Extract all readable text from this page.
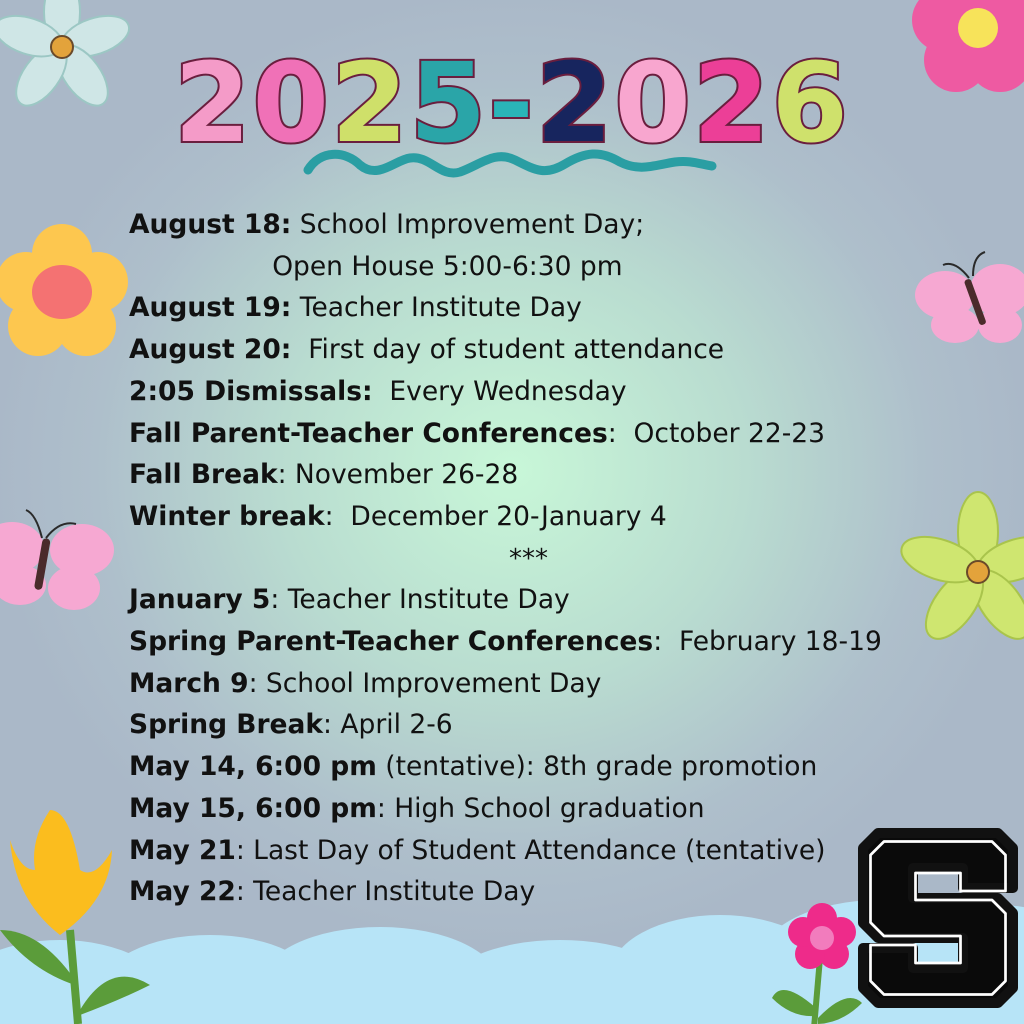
2025-2026
August 18: School Improvement Day;
Open House 5:00-6:30 pm
August 19: Teacher Institute Day
August 20:  First day of student attendance
2:05 Dismissals:  Every Wednesday
Fall Parent-Teacher Conferences:  October 22-23
Fall Break: November 26-28
Winter break:  December 20-January 4
***
January 5: Teacher Institute Day
Spring Parent-Teacher Conferences:  February 18-19
March 9: School Improvement Day
Spring Break: April 2-6
May 14, 6:00 pm (tentative): 8th grade promotion
May 15, 6:00 pm: High School graduation
May 21: Last Day of Student Attendance (tentative)
May 22: Teacher Institute Day
